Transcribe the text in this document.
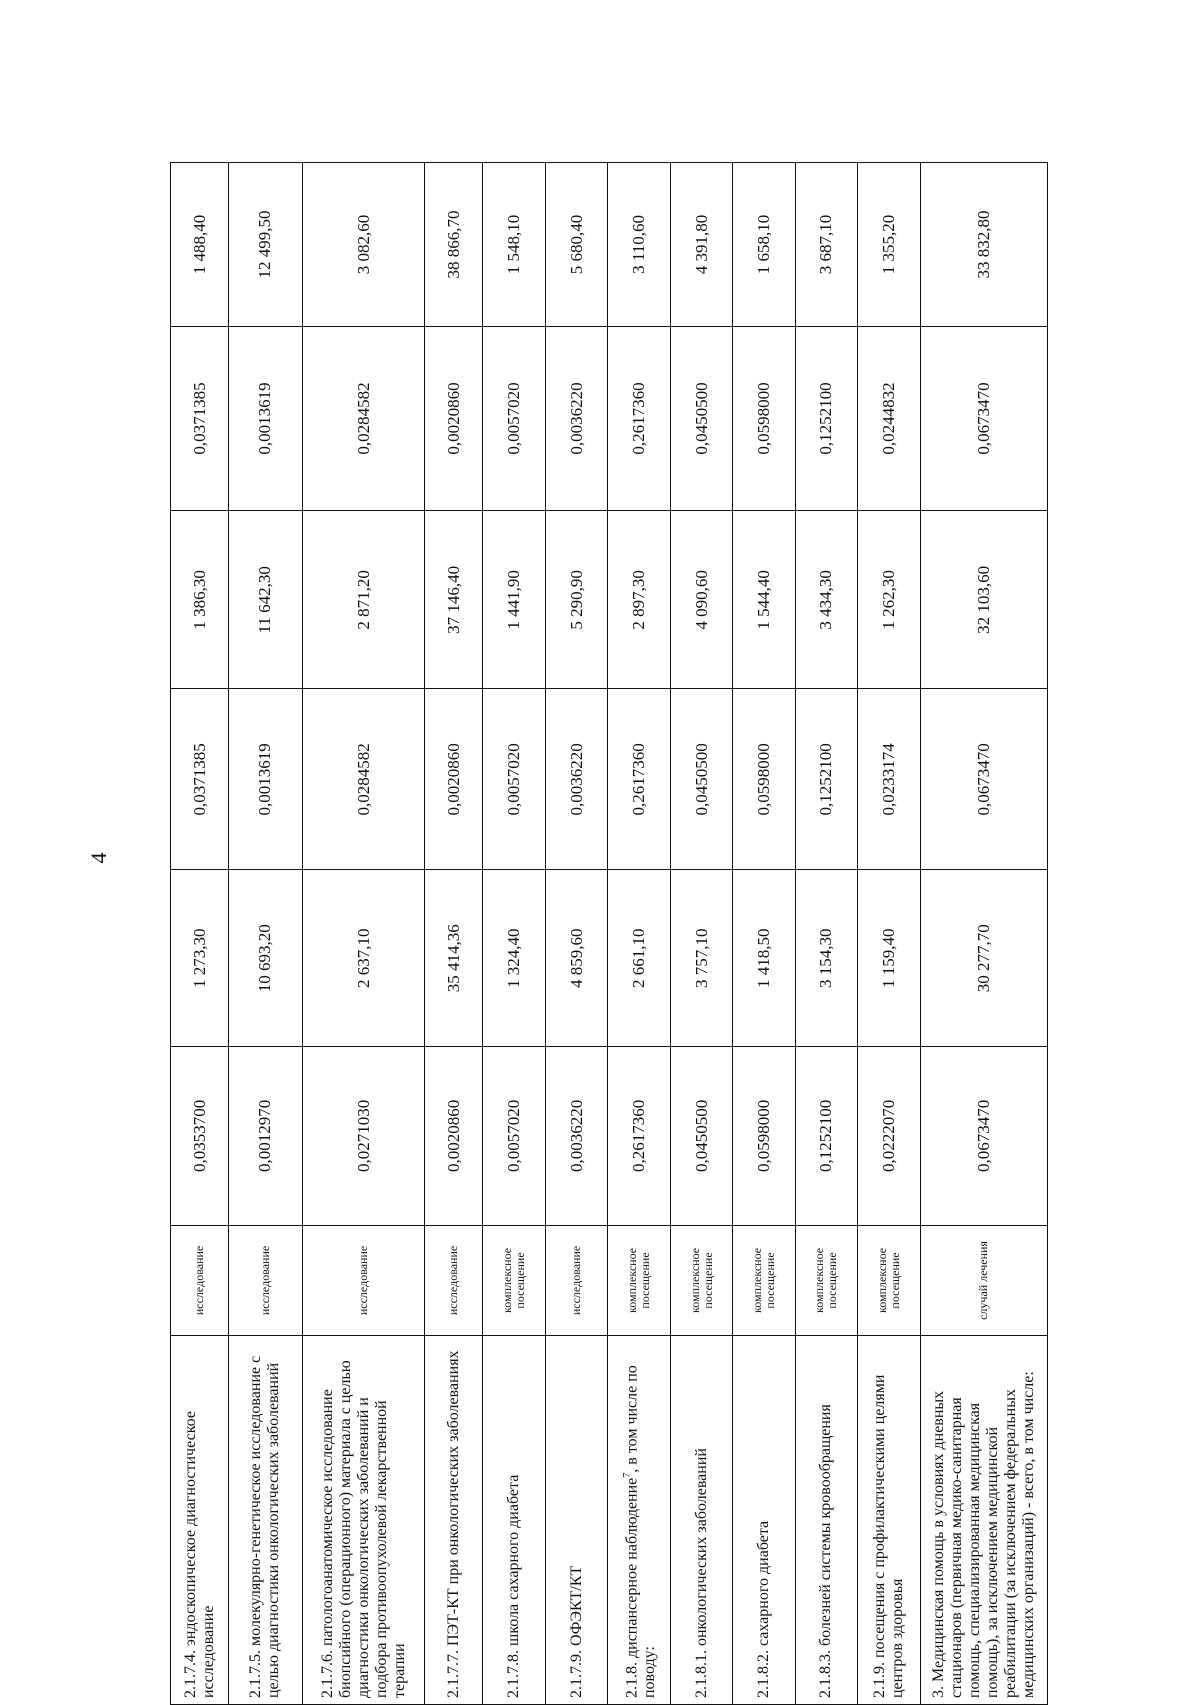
4
2.1.7.4. эндоскопическое диагностическое исследование	исследование	0,0353700	1 273,30	0,0371385	1 386,30	0,0371385	1 488,40
2.1.7.5. молекулярно-генетическое исследование с целью диагностики онкологических заболеваний	исследование	0,0012970	10 693,20	0,0013619	11 642,30	0,0013619	12 499,50
2.1.7.6. патологоанатомическое исследование биопсийного (операционного) материала с целью диагностики онкологических заболеваний и подбора противоопухолевой лекарственной терапии	исследование	0,0271030	2 637,10	0,0284582	2 871,20	0,0284582	3 082,60
2.1.7.7. ПЭТ-КТ при онкологических заболеваниях	исследование	0,0020860	35 414,36	0,0020860	37 146,40	0,0020860	38 866,70
2.1.7.8. школа сахарного диабета	комплексное посещение	0,0057020	1 324,40	0,0057020	1 441,90	0,0057020	1 548,10
2.1.7.9. ОФЭКТ/КТ	исследование	0,0036220	4 859,60	0,0036220	5 290,90	0,0036220	5 680,40
2.1.8. диспансерное наблюдение$^7$, в том числе по поводу:	комплексное посещение	0,2617360	2 661,10	0,2617360	2 897,30	0,2617360	3 110,60
2.1.8.1. онкологических заболеваний	комплексное посещение	0,0450500	3 757,10	0,0450500	4 090,60	0,0450500	4 391,80
2.1.8.2. сахарного диабета	комплексное посещение	0,0598000	1 418,50	0,0598000	1 544,40	0,0598000	1 658,10
2.1.8.3. болезней системы кровообращения	комплексное посещение	0,1252100	3 154,30	0,1252100	3 434,30	0,1252100	3 687,10
2.1.9. посещения с профилактическими целями центров здоровья	комплексное посещение	0,0222070	1 159,40	0,0233174	1 262,30	0,0244832	1 355,20
3. Медицинская помощь в условиях дневных стационаров (первичная медико-санитарная помощь, специализированная медицинская помощь), за исключением медицинской реабилитации (за исключением федеральных медицинских организаций) - всего, в том числе:	случай лечения	0,0673470	30 277,70	0,0673470	32 103,60	0,0673470	33 832,80
